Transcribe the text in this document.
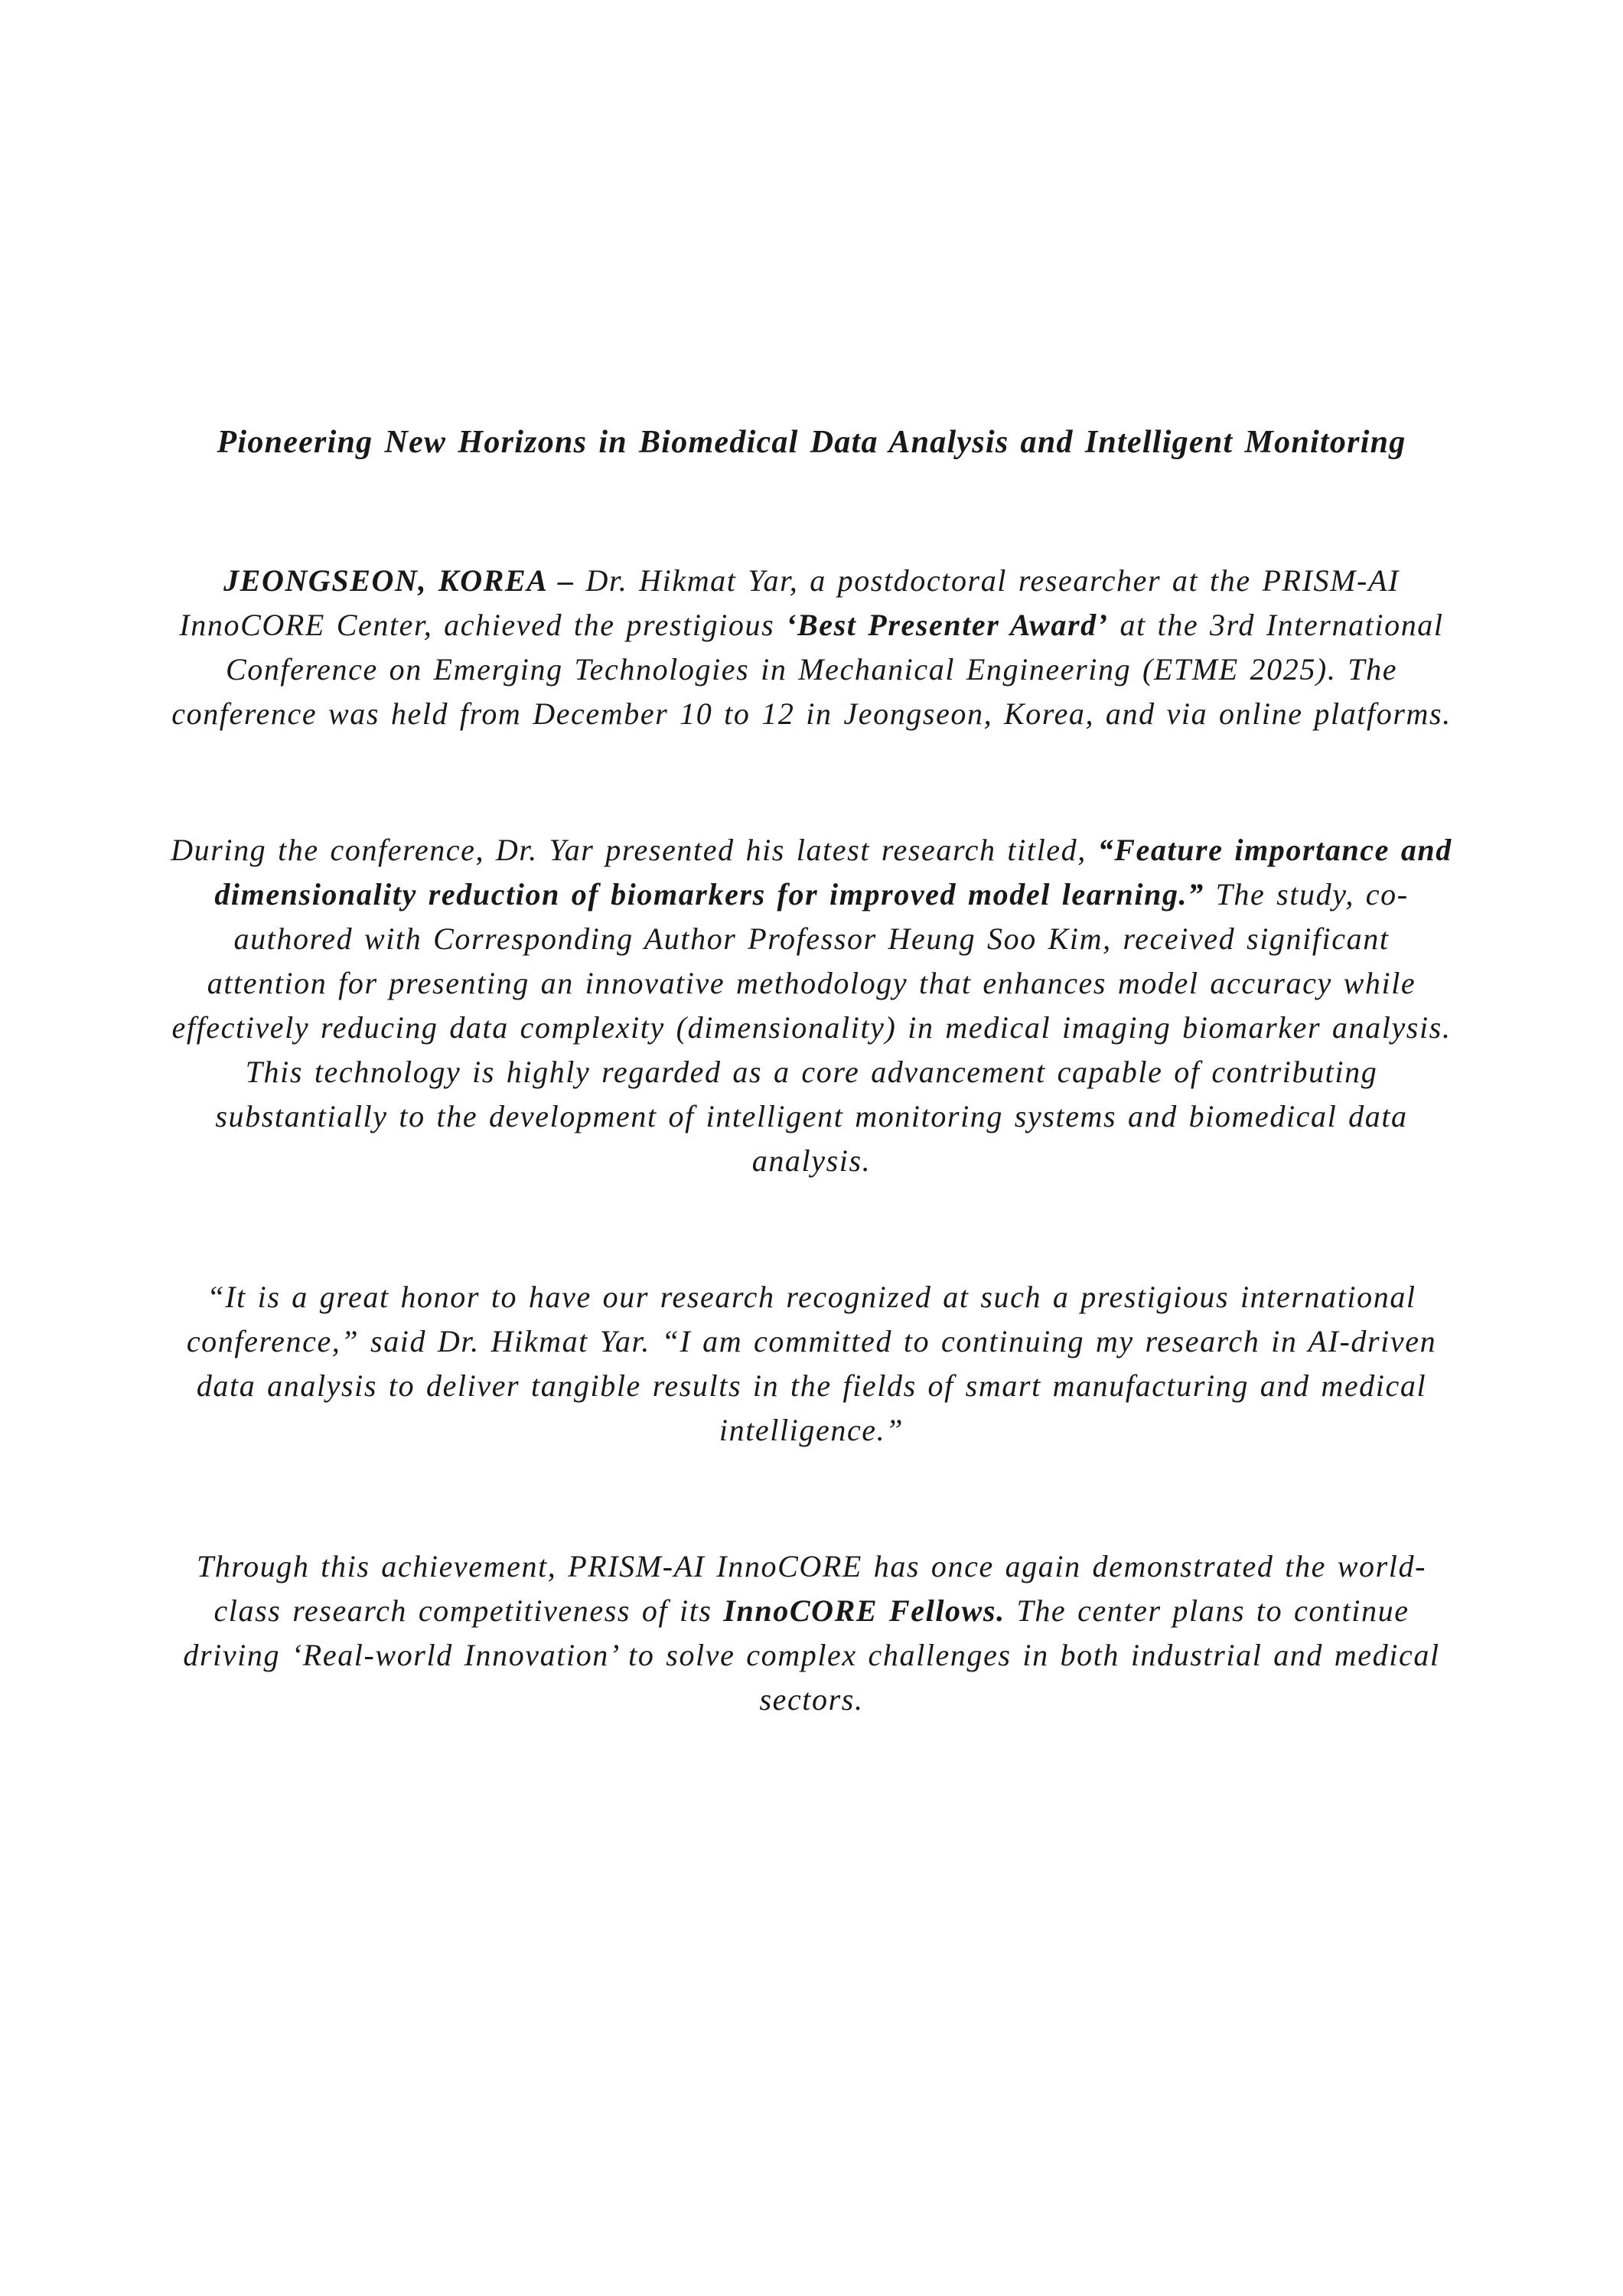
Pioneering New Horizons in Biomedical Data Analysis and Intelligent Monitoring

JEONGSEON, KOREA – Dr. Hikmat Yar, a postdoctoral researcher at the PRISM-AI InnoCORE Center, achieved the prestigious ‘Best Presenter Award’ at the 3rd International Conference on Emerging Technologies in Mechanical Engineering (ETME 2025). The conference was held from December 10 to 12 in Jeongseon, Korea, and via online platforms.

During the conference, Dr. Yar presented his latest research titled, “Feature importance and dimensionality reduction of biomarkers for improved model learning.” The study, co-authored with Corresponding Author Professor Heung Soo Kim, received significant attention for presenting an innovative methodology that enhances model accuracy while effectively reducing data complexity (dimensionality) in medical imaging biomarker analysis. This technology is highly regarded as a core advancement capable of contributing substantially to the development of intelligent monitoring systems and biomedical data analysis.

“It is a great honor to have our research recognized at such a prestigious international conference,” said Dr. Hikmat Yar. “I am committed to continuing my research in AI-driven data analysis to deliver tangible results in the fields of smart manufacturing and medical intelligence.”

Through this achievement, PRISM-AI InnoCORE has once again demonstrated the world-class research competitiveness of its InnoCORE Fellows. The center plans to continue driving ‘Real-world Innovation’ to solve complex challenges in both industrial and medical sectors.
